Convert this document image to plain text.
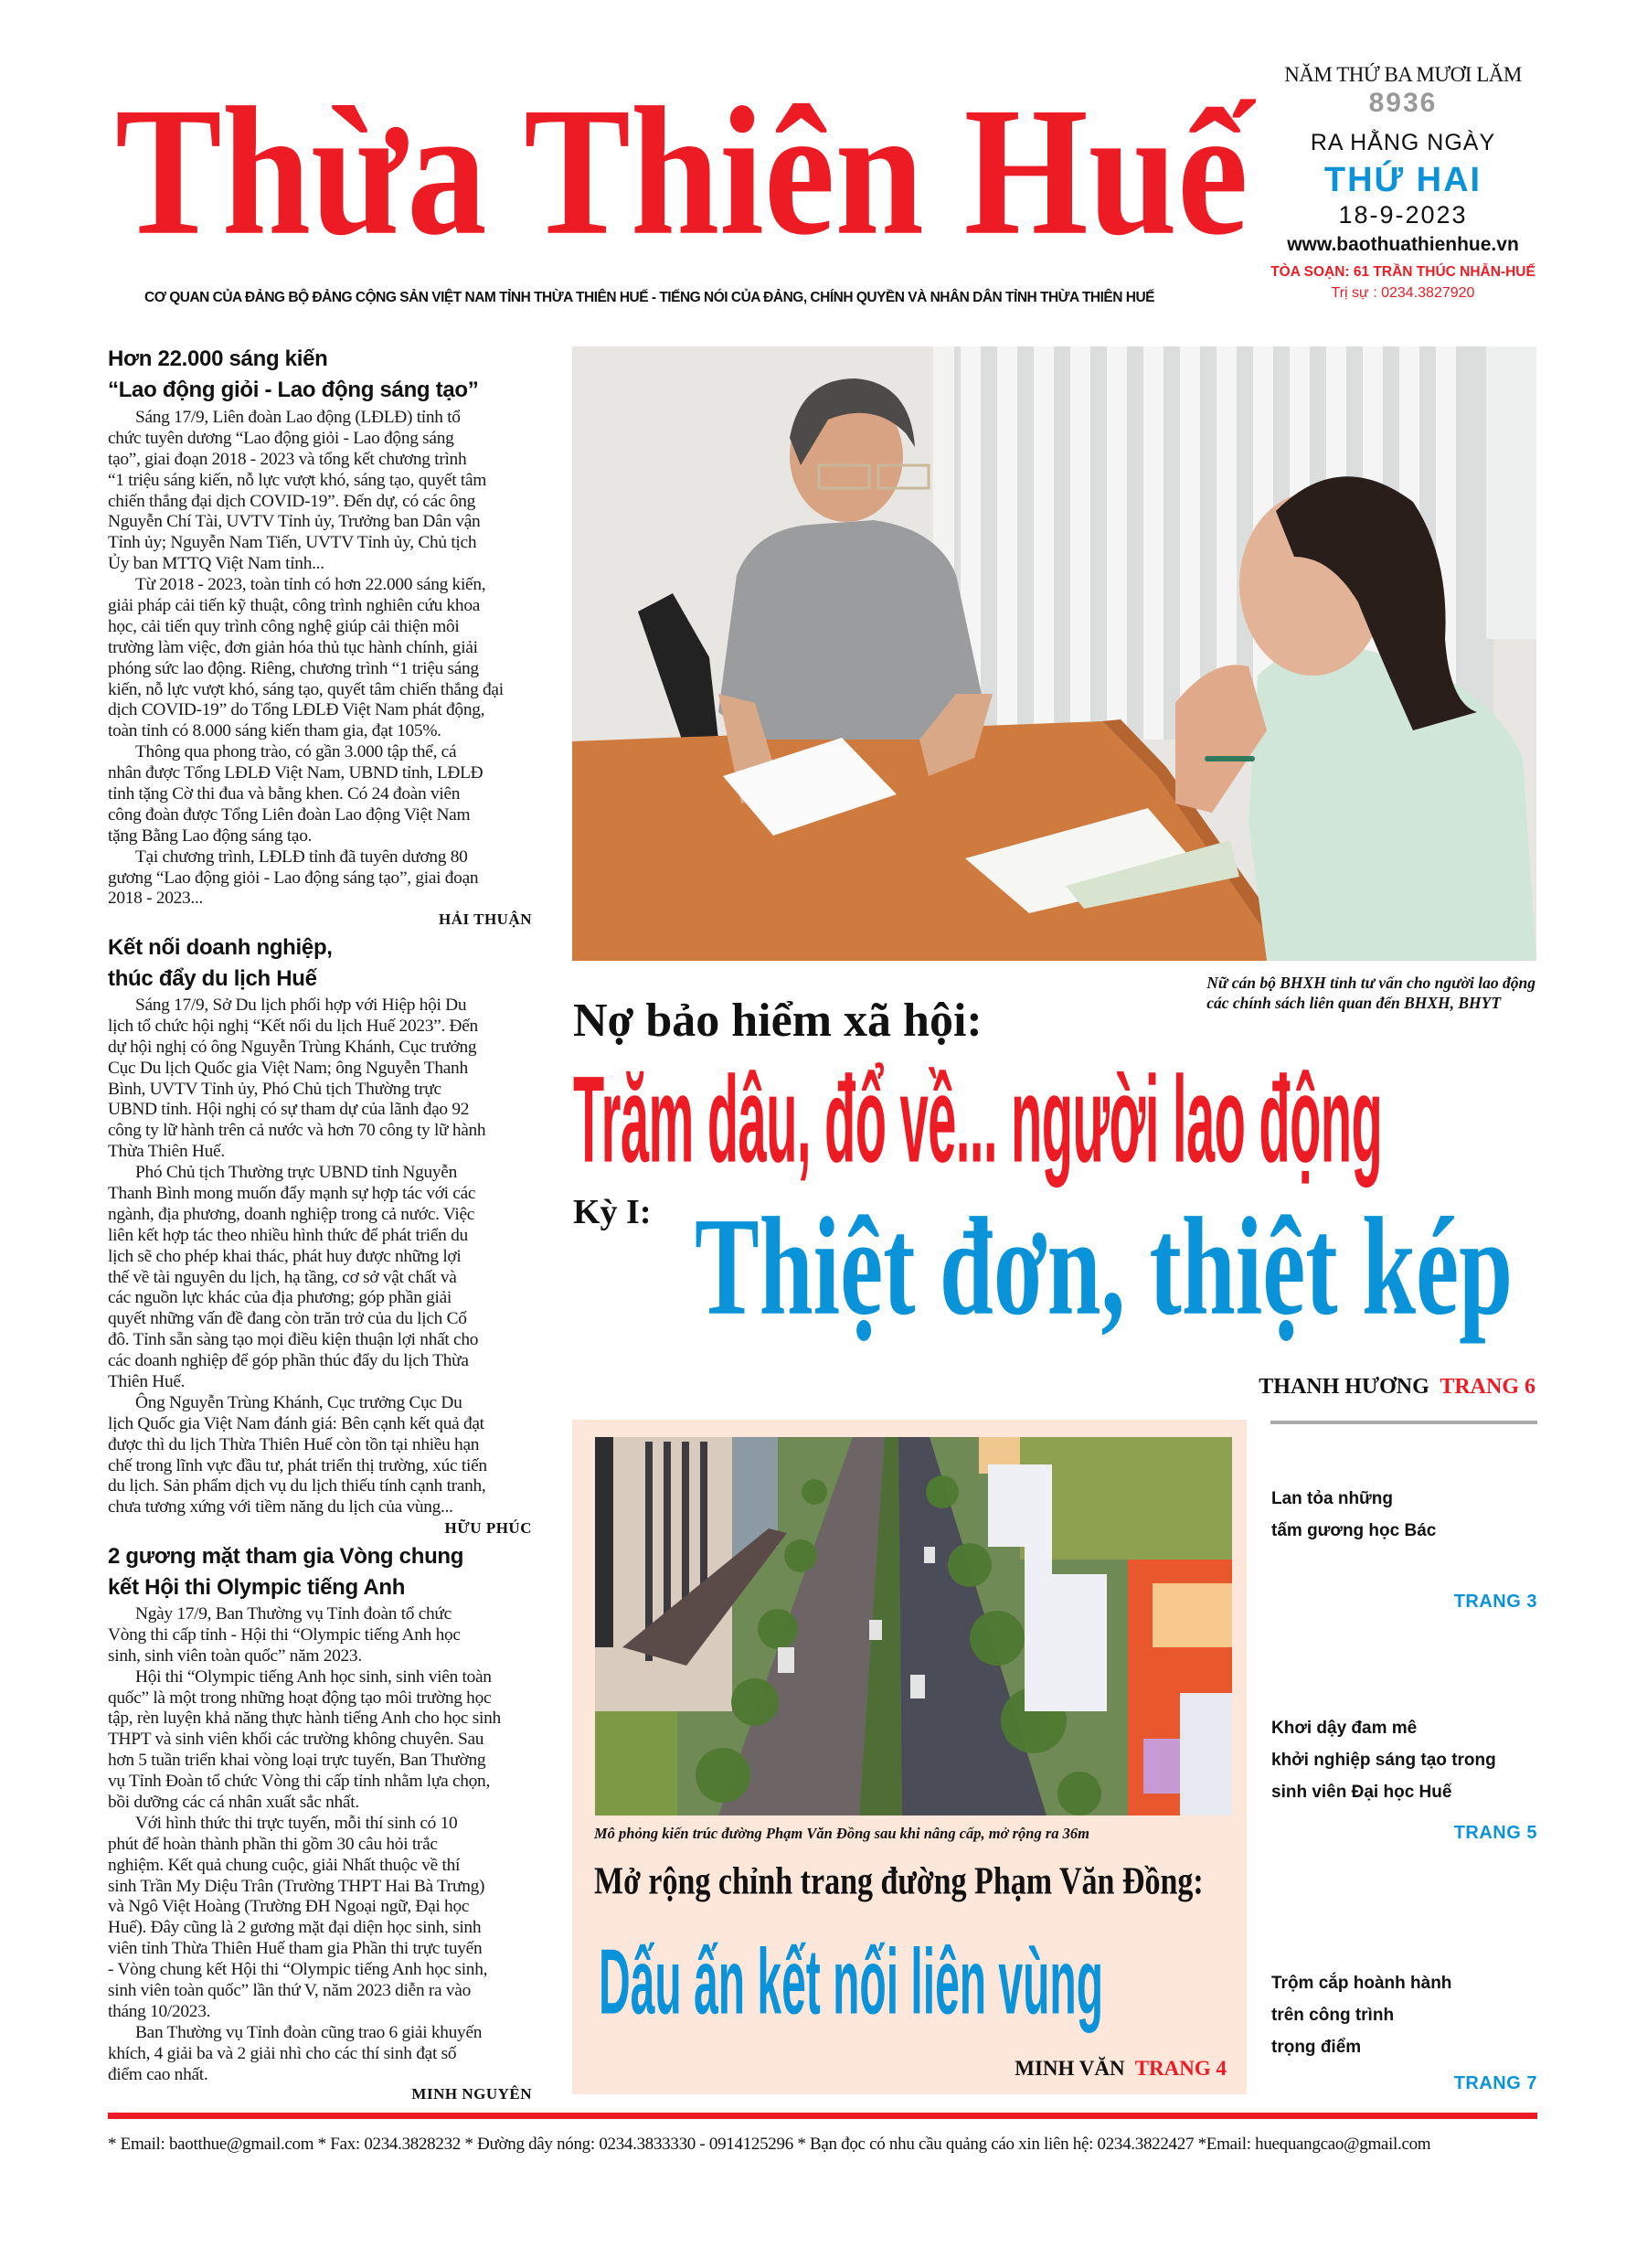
Thừa Thiên Huế
CƠ QUAN CỦA ĐẢNG BỘ ĐẢNG CỘNG SẢN VIỆT NAM TỈNH THỪA THIÊN HUẾ - TIẾNG NÓI CỦA ĐẢNG, CHÍNH QUYỀN VÀ NHÂN DÂN TỈNH THỪA THIÊN HUẾ
NĂM THỨ BA MƯƠI LĂM
8936
RA HẰNG NGÀY
THỨ HAI
18-9-2023
www.baothuathienhue.vn
TÒA SOẠN: 61 TRẦN THÚC NHẪN-HUẾ
Trị sự : 0234.3827920
Hơn 22.000 sáng kiến
“Lao động giỏi - Lao động sáng tạo”
Sáng 17/9, Liên đoàn Lao động (LĐLĐ) tỉnh tổ
chức tuyên dương “Lao động giỏi - Lao động sáng
tạo”, giai đoạn 2018 - 2023 và tổng kết chương trình
“1 triệu sáng kiến, nỗ lực vượt khó, sáng tạo, quyết tâm
chiến thắng đại dịch COVID-19”. Đến dự, có các ông
Nguyễn Chí Tài, UVTV Tỉnh ủy, Trưởng ban Dân vận
Tỉnh ủy; Nguyễn Nam Tiến, UVTV Tỉnh ủy, Chủ tịch
Ủy ban MTTQ Việt Nam tỉnh...
Từ 2018 - 2023, toàn tỉnh có hơn 22.000 sáng kiến,
giải pháp cải tiến kỹ thuật, công trình nghiên cứu khoa
học, cải tiến quy trình công nghệ giúp cải thiện môi
trường làm việc, đơn giản hóa thủ tục hành chính, giải
phóng sức lao động. Riêng, chương trình “1 triệu sáng
kiến, nỗ lực vượt khó, sáng tạo, quyết tâm chiến thắng đại
dịch COVID-19” do Tổng LĐLĐ Việt Nam phát động,
toàn tỉnh có 8.000 sáng kiến tham gia, đạt 105%.
Thông qua phong trào, có gần 3.000 tập thể, cá
nhân được Tổng LĐLĐ Việt Nam, UBND tỉnh, LĐLĐ
tỉnh tặng Cờ thi đua và bằng khen. Có 24 đoàn viên
công đoàn được Tổng Liên đoàn Lao động Việt Nam
tặng Bằng Lao động sáng tạo.
Tại chương trình, LĐLĐ tỉnh đã tuyên dương 80
gương “Lao động giỏi - Lao động sáng tạo”, giai đoạn
2018 - 2023...
HẢI THUẬN
Kết nối doanh nghiệp,
thúc đẩy du lịch Huế
Sáng 17/9, Sở Du lịch phối hợp với Hiệp hội Du
lịch tổ chức hội nghị “Kết nối du lịch Huế 2023”. Đến
dự hội nghị có ông Nguyễn Trùng Khánh, Cục trưởng
Cục Du lịch Quốc gia Việt Nam; ông Nguyễn Thanh
Bình, UVTV Tỉnh ủy, Phó Chủ tịch Thường trực
UBND tỉnh. Hội nghị có sự tham dự của lãnh đạo 92
công ty lữ hành trên cả nước và hơn 70 công ty lữ hành
Thừa Thiên Huế.
Phó Chủ tịch Thường trực UBND tỉnh Nguyễn
Thanh Bình mong muốn đẩy mạnh sự hợp tác với các
ngành, địa phương, doanh nghiệp trong cả nước. Việc
liên kết hợp tác theo nhiều hình thức để phát triển du
lịch sẽ cho phép khai thác, phát huy được những lợi
thế về tài nguyên du lịch, hạ tầng, cơ sở vật chất và
các nguồn lực khác của địa phương; góp phần giải
quyết những vấn đề đang còn trăn trở của du lịch Cố
đô. Tỉnh sẵn sàng tạo mọi điều kiện thuận lợi nhất cho
các doanh nghiệp để góp phần thúc đẩy du lịch Thừa
Thiên Huế.
Ông Nguyễn Trùng Khánh, Cục trưởng Cục Du
lịch Quốc gia Việt Nam đánh giá: Bên cạnh kết quả đạt
được thì du lịch Thừa Thiên Huế còn tồn tại nhiều hạn
chế trong lĩnh vực đầu tư, phát triển thị trường, xúc tiến
du lịch. Sản phẩm dịch vụ du lịch thiếu tính cạnh tranh,
chưa tương xứng với tiềm năng du lịch của vùng...
HỮU PHÚC
2 gương mặt tham gia Vòng chung
kết Hội thi Olympic tiếng Anh
Ngày 17/9, Ban Thường vụ Tỉnh đoàn tổ chức
Vòng thi cấp tỉnh - Hội thi “Olympic tiếng Anh học
sinh, sinh viên toàn quốc” năm 2023.
Hội thi “Olympic tiếng Anh học sinh, sinh viên toàn
quốc” là một trong những hoạt động tạo môi trường học
tập, rèn luyện khả năng thực hành tiếng Anh cho học sinh
THPT và sinh viên khối các trường không chuyên. Sau
hơn 5 tuần triển khai vòng loại trực tuyến, Ban Thường
vụ Tỉnh Đoàn tổ chức Vòng thi cấp tỉnh nhằm lựa chọn,
bồi dưỡng các cá nhân xuất sắc nhất.
Với hình thức thi trực tuyến, mỗi thí sinh có 10
phút để hoàn thành phần thi gồm 30 câu hỏi trắc
nghiệm. Kết quả chung cuộc, giải Nhất thuộc về thí
sinh Trần My Diệu Trân (Trường THPT Hai Bà Trưng)
và Ngô Việt Hoàng (Trường ĐH Ngoại ngữ, Đại học
Huế). Đây cũng là 2 gương mặt đại diện học sinh, sinh
viên tỉnh Thừa Thiên Huế tham gia Phần thi trực tuyến
- Vòng chung kết Hội thi “Olympic tiếng Anh học sinh,
sinh viên toàn quốc” lần thứ V, năm 2023 diễn ra vào
tháng 10/2023.
Ban Thường vụ Tỉnh đoàn cũng trao 6 giải khuyến
khích, 4 giải ba và 2 giải nhì cho các thí sinh đạt số
điểm cao nhất.
MINH NGUYÊN
Nữ cán bộ BHXH tỉnh tư vấn cho người lao động
các chính sách liên quan đến BHXH, BHYT
Nợ bảo hiểm xã hội:
Trăm dâu, đổ về... người lao động
Kỳ I: Thiệt đơn, thiệt kép
THANH HƯƠNG TRANG 6
Mô phỏng kiến trúc đường Phạm Văn Đồng sau khi nâng cấp, mở rộng ra 36m
Mở rộng chỉnh trang đường Phạm Văn Đồng:
Dấu ấn kết nối liên vùng
MINH VĂN TRANG 4
Lan tỏa những
tấm gương học Bác
TRANG 3
Khơi dậy đam mê
khởi nghiệp sáng tạo trong
sinh viên Đại học Huế
TRANG 5
Trộm cắp hoành hành
trên công trình
trọng điểm
TRANG 7
* Email: baotthue@gmail.com * Fax: 0234.3828232 * Đường dây nóng: 0234.3833330 - 0914125296 * Bạn đọc có nhu cầu quảng cáo xin liên hệ: 0234.3822427 *Email: huequangcao@gmail.com
